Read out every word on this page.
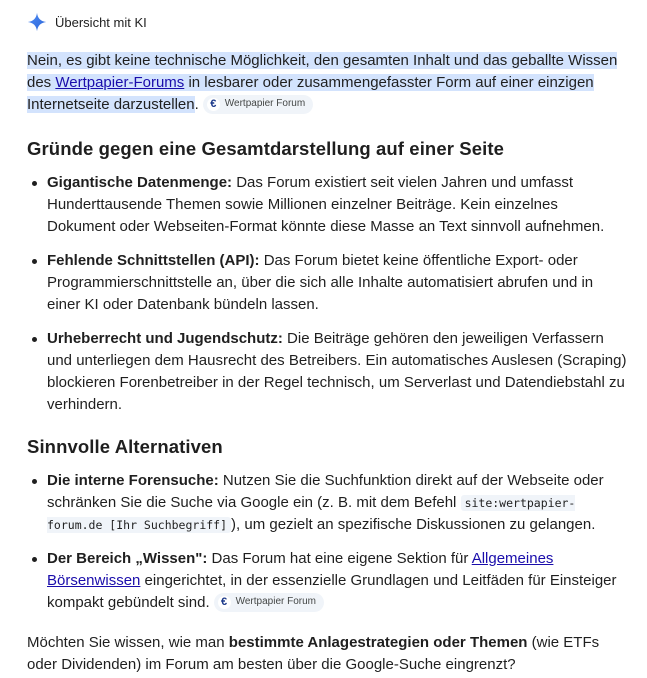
Übersicht mit KI

Nein, es gibt keine technische Möglichkeit, den gesamten Inhalt und das geballte Wissen des Wertpapier-Forums in lesbarer oder zusammengefasster Form auf einer einzigen Internetseite darzustellen.	€ Wertpapier Forum

Gründe gegen eine Gesamtdarstellung auf einer Seite
Gigantische Datenmenge: Das Forum existiert seit vielen Jahren und umfasst Hunderttausende Themen sowie Millionen einzelner Beiträge. Kein einzelnes Dokument oder Webseiten-Format könnte diese Masse an Text sinnvoll aufnehmen.
Fehlende Schnittstellen (API): Das Forum bietet keine öffentliche Export- oder Programmierschnittstelle an, über die sich alle Inhalte automatisiert abrufen und in einer KI oder Datenbank bündeln lassen.
Urheberrecht und Jugendschutz: Die Beiträge gehören den jeweiligen Verfassern und unterliegen dem Hausrecht des Betreibers. Ein automatisches Auslesen (Scraping) blockieren Forenbetreiber in der Regel technisch, um Serverlast und Datendiebstahl zu verhindern.
Sinnvolle Alternativen
Die interne Forensuche: Nutzen Sie die Suchfunktion direkt auf der Webseite oder schränken Sie die Suche via Google ein (z. B. mit dem Befehl site:wertpapier-forum.de [Ihr Suchbegriff] ), um gezielt an spezifische Diskussionen zu gelangen.
Der Bereich „Wissen": Das Forum hat eine eigene Sektion für Allgemeines Börsenwissen eingerichtet, in der essenzielle Grundlagen und Leitfäden für Einsteiger kompakt gebündelt sind.	€ Wertpapier Forum

Möchten Sie wissen, wie man bestimmte Anlagestrategien oder Themen (wie ETFs oder Dividenden) im Forum am besten über die Google-Suche eingrenzt?
